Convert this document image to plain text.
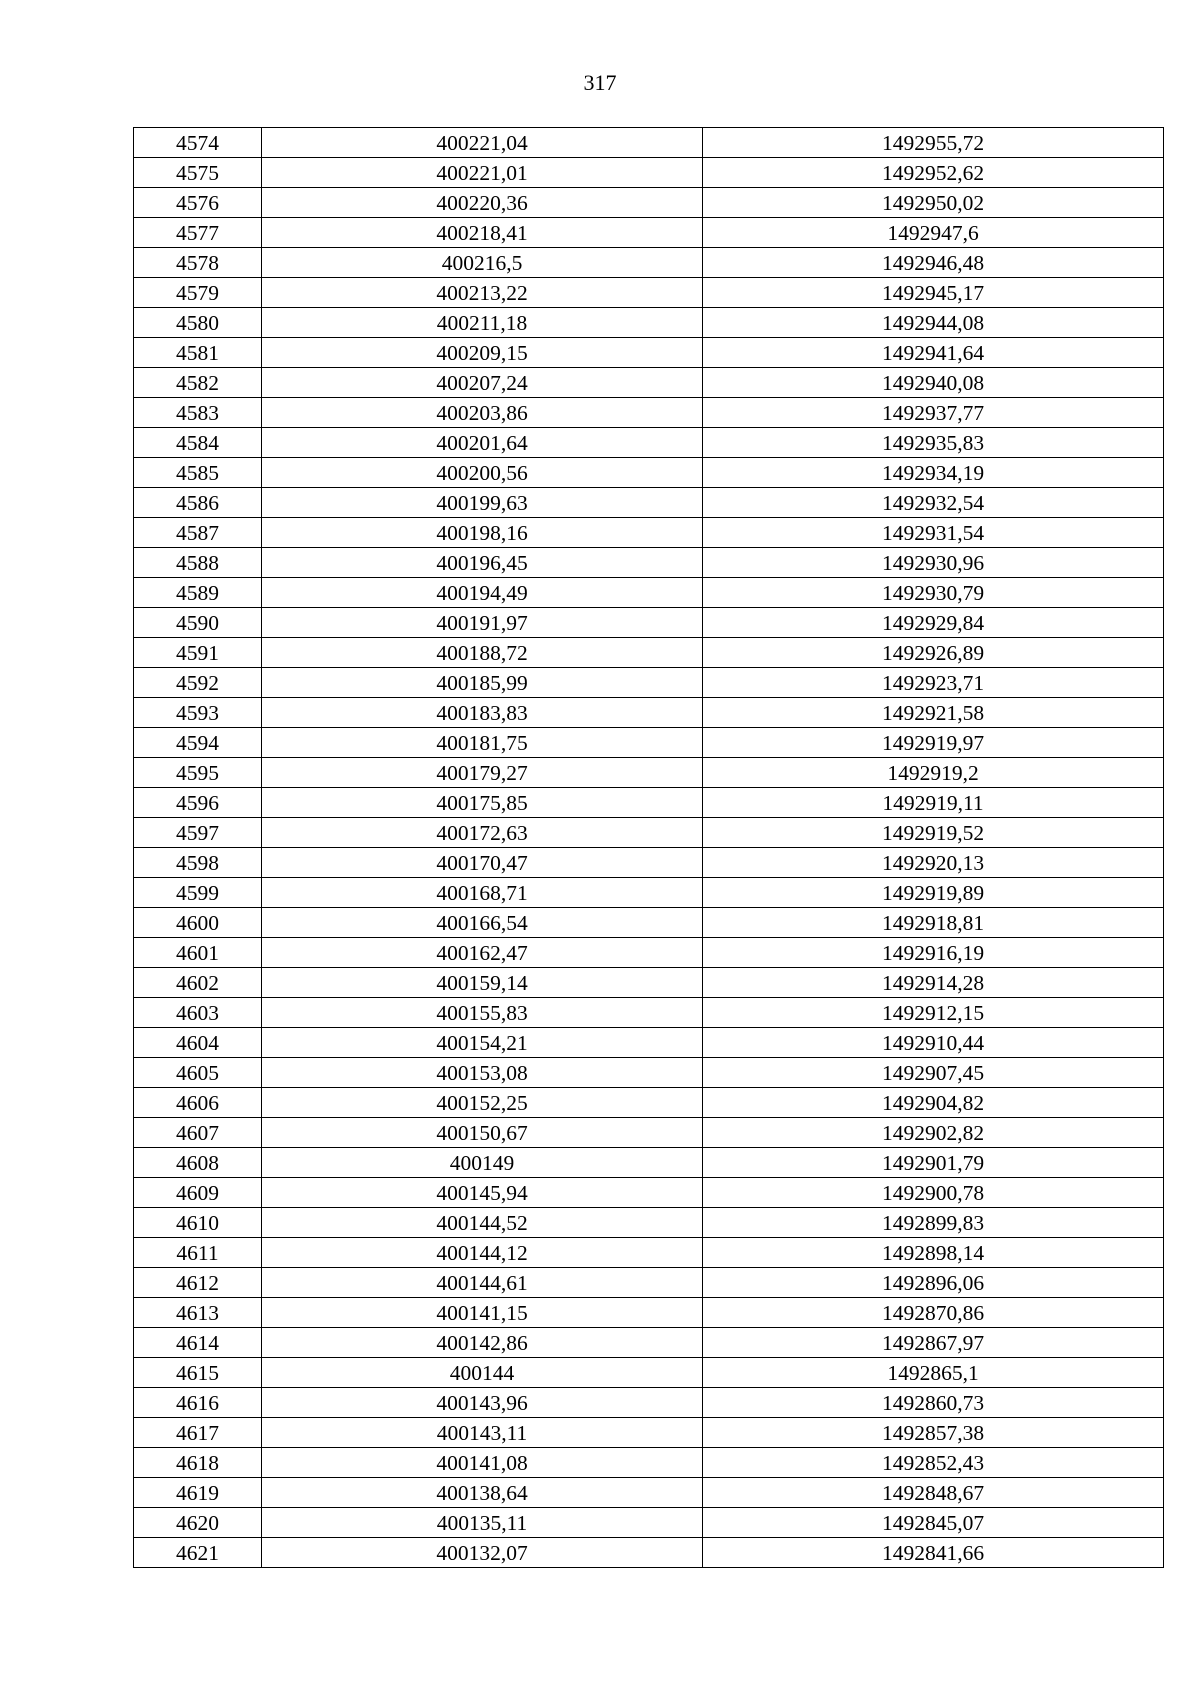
317
4574	400221,04	1492955,72
4575	400221,01	1492952,62
4576	400220,36	1492950,02
4577	400218,41	1492947,6
4578	400216,5	1492946,48
4579	400213,22	1492945,17
4580	400211,18	1492944,08
4581	400209,15	1492941,64
4582	400207,24	1492940,08
4583	400203,86	1492937,77
4584	400201,64	1492935,83
4585	400200,56	1492934,19
4586	400199,63	1492932,54
4587	400198,16	1492931,54
4588	400196,45	1492930,96
4589	400194,49	1492930,79
4590	400191,97	1492929,84
4591	400188,72	1492926,89
4592	400185,99	1492923,71
4593	400183,83	1492921,58
4594	400181,75	1492919,97
4595	400179,27	1492919,2
4596	400175,85	1492919,11
4597	400172,63	1492919,52
4598	400170,47	1492920,13
4599	400168,71	1492919,89
4600	400166,54	1492918,81
4601	400162,47	1492916,19
4602	400159,14	1492914,28
4603	400155,83	1492912,15
4604	400154,21	1492910,44
4605	400153,08	1492907,45
4606	400152,25	1492904,82
4607	400150,67	1492902,82
4608	400149	1492901,79
4609	400145,94	1492900,78
4610	400144,52	1492899,83
4611	400144,12	1492898,14
4612	400144,61	1492896,06
4613	400141,15	1492870,86
4614	400142,86	1492867,97
4615	400144	1492865,1
4616	400143,96	1492860,73
4617	400143,11	1492857,38
4618	400141,08	1492852,43
4619	400138,64	1492848,67
4620	400135,11	1492845,07
4621	400132,07	1492841,66
